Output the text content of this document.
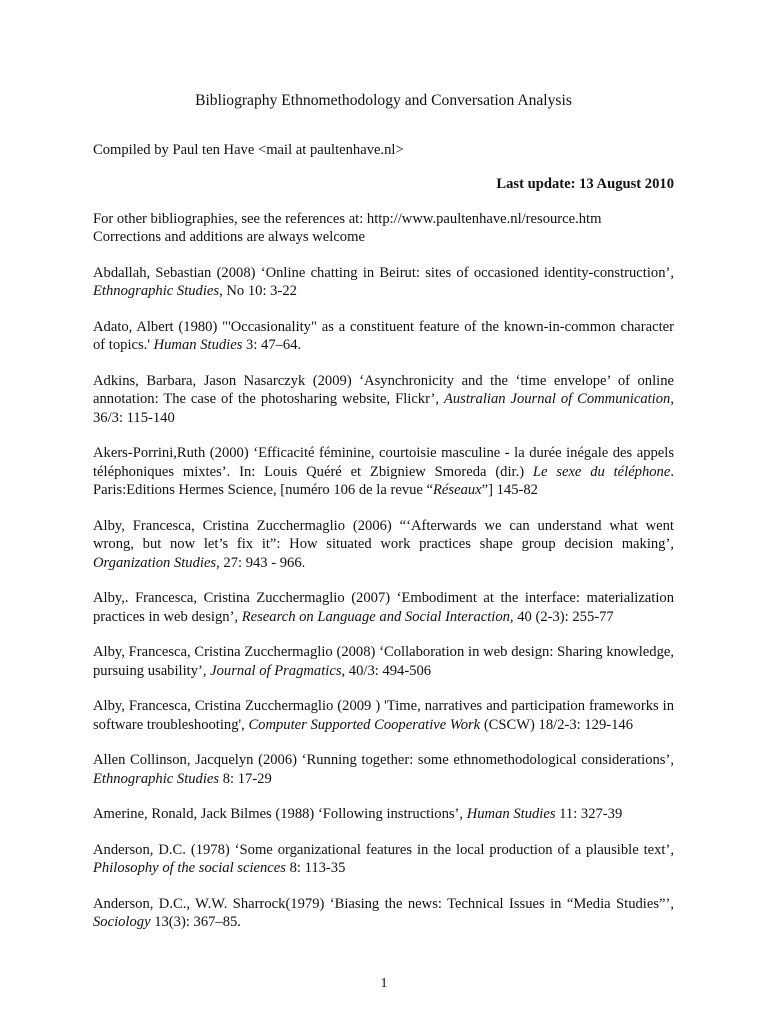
Bibliography Ethnomethodology and Conversation Analysis

Compiled by Paul ten Have <mail at paultenhave.nl>

Last update: 13 August 2010

For other bibliographies, see the references at: http://www.paultenhave.nl/resource.htm

Corrections and additions are always welcome

Abdallah, Sebastian (2008) ‘Online chatting in Beirut: sites of occasioned identity-construction’, Ethnographic Studies, No 10: 3-22

Adato, Albert (1980) "'Occasionality" as a constituent feature of the known-in-common character of topics.' Human Studies 3: 47–64.

Adkins, Barbara, Jason Nasarczyk (2009) ‘Asynchronicity and the ‘time envelope’ of online annotation: The case of the photosharing website, Flickr’, Australian Journal of Communication, 36/3: 115-140

Akers-Porrini,Ruth (2000) ‘Efficacité féminine, courtoisie masculine - la durée inégale des appels téléphoniques mixtes’. In: Louis Quéré et Zbigniew Smoreda (dir.) Le sexe du téléphone. Paris:Editions Hermes Science, [numéro 106 de la revue “Réseaux”] 145-82

Alby, Francesca, Cristina Zucchermaglio (2006) “‘Afterwards we can understand what went wrong, but now let’s fix it”: How situated work practices shape group decision making’, Organization Studies, 27: 943 - 966.

Alby,. Francesca, Cristina Zucchermaglio (2007) ‘Embodiment at the interface: materialization practices in web design’, Research on Language and Social Interaction, 40 (2-3): 255-77

Alby, Francesca, Cristina Zucchermaglio (2008) ‘Collaboration in web design: Sharing knowledge, pursuing usability’, Journal of Pragmatics, 40/3: 494-506

Alby, Francesca, Cristina Zucchermaglio (2009 ) 'Time, narratives and participation frameworks in software troubleshooting', Computer Supported Cooperative Work (CSCW) 18/2-3: 129-146

Allen Collinson, Jacquelyn (2006) ‘Running together: some ethnomethodological considerations’, Ethnographic Studies 8: 17-29

Amerine, Ronald, Jack Bilmes (1988) ‘Following instructions’, Human Studies 11: 327-39

Anderson, D.C. (1978) ‘Some organizational features in the local production of a plausible text’, Philosophy of the social sciences 8: 113-35

Anderson, D.C., W.W. Sharrock(1979) ‘Biasing the news: Technical Issues in “Media Studies”’, Sociology 13(3): 367–85.

1
